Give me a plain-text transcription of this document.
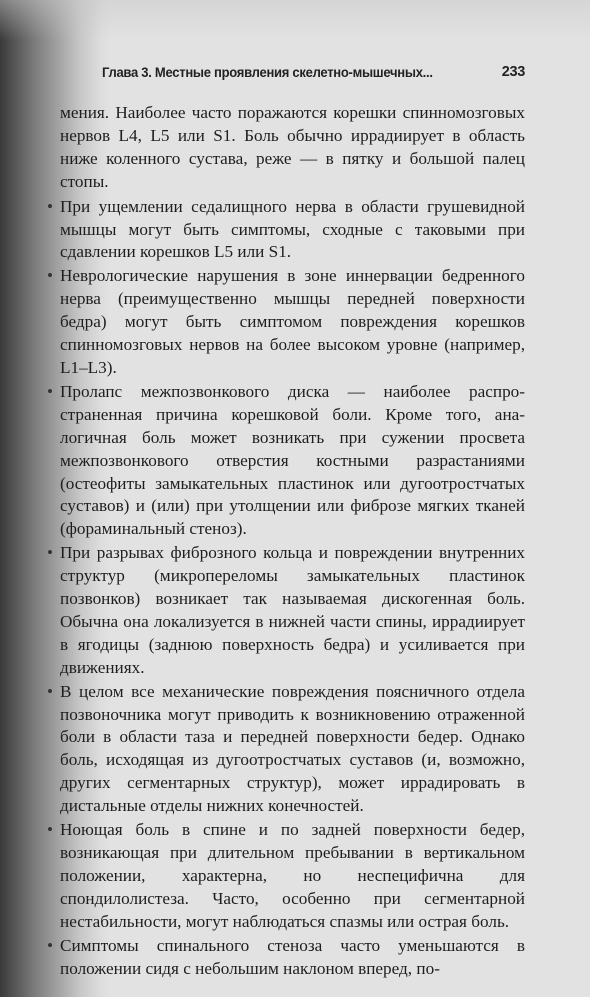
Глава 3. Местные проявления скелетно-мышечных...	233

мения. Наиболее часто поражаются корешки спинномозговых нервов L4, L5 или S1. Боль обычно иррадиирует в область ниже коленного сустава, реже — в пятку и большой палец стопы.

• При ущемлении седалищного нерва в области грушевидной мышцы могут быть симптомы, сходные с таковыми при сдавлении корешков L5 или S1.

• Неврологические нарушения в зоне иннервации бедренного нерва (преимущественно мышцы передней поверхности бедра) могут быть симптомом повреждения корешков спинномозговых нервов на более высоком уровне (например, L1–L3).

• Пролапс межпозвонкового диска — наиболее распространенная причина корешковой боли. Кроме того, аналогичная боль может возникать при сужении просвета межпозвонкового отверстия костными разрастаниями (остеофиты замыкательных пластинок или дугоотростчатых суставов) и (или) при утолщении или фиброзе мягких тканей (фораминальный стеноз).

• При разрывах фиброзного кольца и повреждении внутренних структур (микропереломы замыкательных пластинок позвонков) возникает так называемая дискогенная боль. Обычна она локализуется в нижней части спины, иррадиирует в ягодицы (заднюю поверхность бедра) и усиливается при движениях.

• В целом все механические повреждения поясничного отдела позвоночника могут приводить к возникновению отраженной боли в области таза и передней поверхности бедер. Однако боль, исходящая из дугоотростчатых суставов (и, возможно, других сегментарных структур), может иррадировать в дистальные отделы нижних конечностей.

• Ноющая боль в спине и по задней поверхности бедер, возникающая при длительном пребывании в вертикальном положении, характерна, но неспецифична для спондилолистеза. Часто, особенно при сегментарной нестабильности, могут наблюдаться спазмы или острая боль.

• Симптомы спинального стеноза часто уменьшаются в положении сидя с небольшим наклоном вперед, по-
